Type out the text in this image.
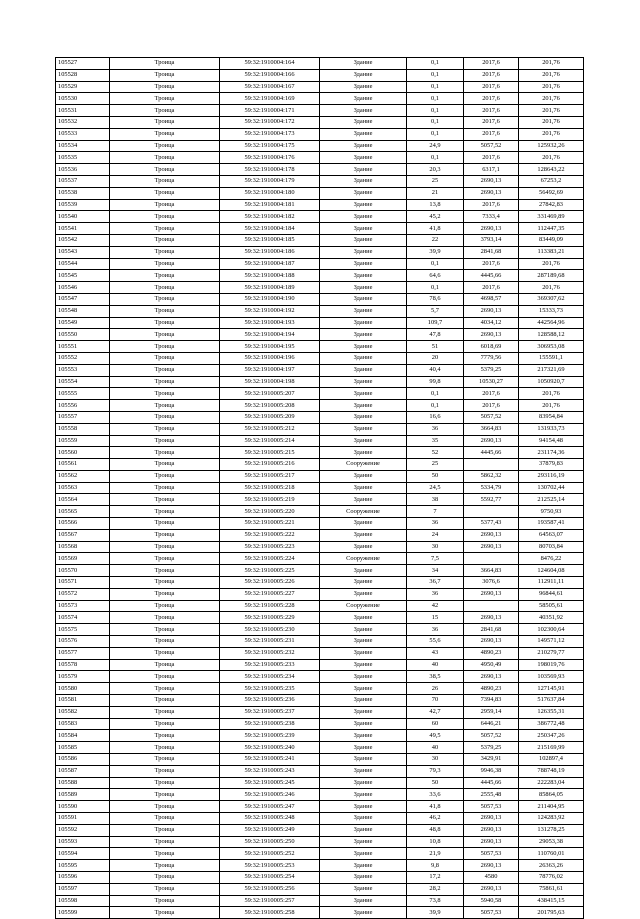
105527	Троица	59:32:1910004:164	Здание	0,1	2017,6	201,76
105528	Троица	59:32:1910004:166	Здание	0,1	2017,6	201,76
105529	Троица	59:32:1910004:167	Здание	0,1	2017,6	201,76
105530	Троица	59:32:1910004:169	Здание	0,1	2017,6	201,76
105531	Троица	59:32:1910004:171	Здание	0,1	2017,6	201,76
105532	Троица	59:32:1910004:172	Здание	0,1	2017,6	201,76
105533	Троица	59:32:1910004:173	Здание	0,1	2017,6	201,76
105534	Троица	59:32:1910004:175	Здание	24,9	5057,52	125932,26
105535	Троица	59:32:1910004:176	Здание	0,1	2017,6	201,76
105536	Троица	59:32:1910004:178	Здание	20,3	6317,1	128643,22
105537	Троица	59:32:1910004:179	Здание	25	2690,13	67253,2
105538	Троица	59:32:1910004:180	Здание	21	2690,13	56492,69
105539	Троица	59:32:1910004:181	Здание	13,8	2017,6	27842,83
105540	Троица	59:32:1910004:182	Здание	45,2	7333,4	331469,89
105541	Троица	59:32:1910004:184	Здание	41,8	2690,13	112447,35
105542	Троица	59:32:1910004:185	Здание	22	3793,14	83449,09
105543	Троица	59:32:1910004:186	Здание	39,9	2841,68	113383,21
105544	Троица	59:32:1910004:187	Здание	0,1	2017,6	201,76
105545	Троица	59:32:1910004:188	Здание	64,6	4445,66	287189,68
105546	Троица	59:32:1910004:189	Здание	0,1	2017,6	201,76
105547	Троица	59:32:1910004:190	Здание	78,6	4698,57	369307,62
105548	Троица	59:32:1910004:192	Здание	5,7	2690,13	15333,73
105549	Троица	59:32:1910004:193	Здание	109,7	4034,12	442564,96
105550	Троица	59:32:1910004:194	Здание	47,8	2690,13	128588,12
105551	Троица	59:32:1910004:195	Здание	51	6018,69	306953,08
105552	Троица	59:32:1910004:196	Здание	20	7779,56	155591,1
105553	Троица	59:32:1910004:197	Здание	40,4	5379,25	217321,69
105554	Троица	59:32:1910004:198	Здание	99,8	10530,27	1050920,7
105555	Троица	59:32:1910005:207	Здание	0,1	2017,6	201,76
105556	Троица	59:32:1910005:208	Здание	0,1	2017,6	201,76
105557	Троица	59:32:1910005:209	Здание	16,6	5057,52	83954,84
105558	Троица	59:32:1910005:212	Здание	36	3664,83	131933,73
105559	Троица	59:32:1910005:214	Здание	35	2690,13	94154,48
105560	Троица	59:32:1910005:215	Здание	52	4445,66	231174,36
105561	Троица	59:32:1910005:216	Сооружение	25		37879,83
105562	Троица	59:32:1910005:217	Здание	50	5862,32	293116,19
105563	Троица	59:32:1910005:218	Здание	24,5	5334,79	130702,44
105564	Троица	59:32:1910005:219	Здание	38	5592,77	212525,14
105565	Троица	59:32:1910005:220	Сооружение	7		9750,93
105566	Троица	59:32:1910005:221	Здание	36	5377,43	193587,41
105567	Троица	59:32:1910005:222	Здание	24	2690,13	64563,07
105568	Троица	59:32:1910005:223	Здание	30	2690,13	80703,84
105569	Троица	59:32:1910005:224	Сооружение	7,5		8476,22
105570	Троица	59:32:1910005:225	Здание	34	3664,83	124604,08
105571	Троица	59:32:1910005:226	Здание	36,7	3076,6	112911,11
105572	Троица	59:32:1910005:227	Здание	36	2690,13	96844,61
105573	Троица	59:32:1910005:228	Сооружение	42		58505,61
105574	Троица	59:32:1910005:229	Здание	15	2690,13	40351,92
105575	Троица	59:32:1910005:230	Здание	36	2841,68	102300,64
105576	Троица	59:32:1910005:231	Здание	55,6	2690,13	149571,12
105577	Троица	59:32:1910005:232	Здание	43	4890,23	210279,77
105578	Троица	59:32:1910005:233	Здание	40	4950,49	198019,76
105579	Троица	59:32:1910005:234	Здание	38,5	2690,13	103569,93
105580	Троица	59:32:1910005:235	Здание	26	4890,23	127145,91
105581	Троица	59:32:1910005:236	Здание	70	7394,83	517637,84
105582	Троица	59:32:1910005:237	Здание	42,7	2959,14	126355,31
105583	Троица	59:32:1910005:238	Здание	60	6446,21	386772,48
105584	Троица	59:32:1910005:239	Здание	49,5	5057,52	250347,26
105585	Троица	59:32:1910005:240	Здание	40	5379,25	215169,99
105586	Троица	59:32:1910005:241	Здание	30	3429,91	102897,4
105587	Троица	59:32:1910005:243	Здание	79,3	9946,38	788748,19
105588	Троица	59:32:1910005:245	Здание	50	4445,66	222283,04
105589	Троица	59:32:1910005:246	Здание	33,6	2555,48	85864,05
105590	Троица	59:32:1910005:247	Здание	41,8	5057,53	211404,95
105591	Троица	59:32:1910005:248	Здание	46,2	2690,13	124283,92
105592	Троица	59:32:1910005:249	Здание	48,8	2690,13	131278,25
105593	Троица	59:32:1910005:250	Здание	10,8	2690,13	29053,38
105594	Троица	59:32:1910005:252	Здание	21,9	5057,53	110760,01
105595	Троица	59:32:1910005:253	Здание	9,8	2690,13	26363,26
105596	Троица	59:32:1910005:254	Здание	17,2	4580	78776,02
105597	Троица	59:32:1910005:256	Здание	28,2	2690,13	75861,61
105598	Троица	59:32:1910005:257	Здание	73,8	5940,58	438415,15
105599	Троица	59:32:1910005:258	Здание	39,9	5057,53	201795,63
